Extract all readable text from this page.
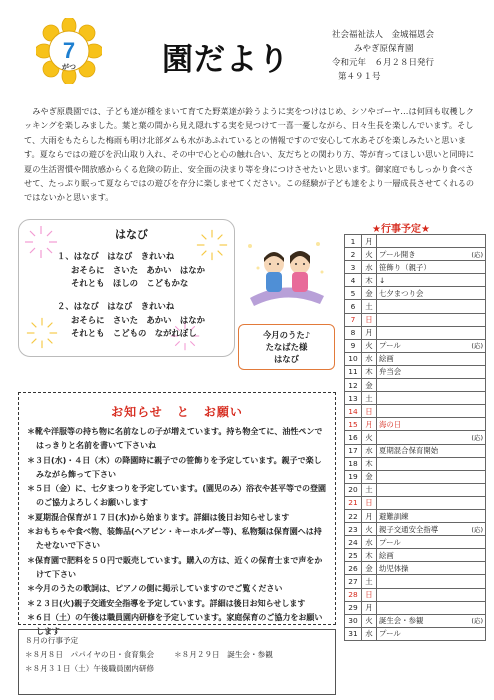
7
がつ	園だより
社会福祉法人　金城福恩会
みやぎ原保育園
令和元年　６月２８日発行
第４９１号

みやぎ原農園では、子ども達が種をまいて育てた野菜達が鈴うように実をつけはじめ、シソやゴーヤ…は何回も収穫しクッキングを楽しみました。葉と葉の間から見え隠れする実を見つけて一喜一憂しながら、日々生長を楽しんでいます。そして、大雨をもたらした梅雨も明け北部ダムも水があふれているとの情報ですので安心して水あそびを楽しみたいと思います。夏ならではの遊びを沢山取り入れ、その中で心と心の触れ合い、友だちとの関わり方、等が育ってほしい思いと同時に夏の生活習慣や開放感からくる危険の防止、安全面の決まり等を身につけさせたいと思います。御家庭でもしっかり食べさせて、たっぷり眠って夏ならではの遊びを存分に楽しませてください。この経験が子ども達をより一層成長させてくれるのではないかと思います。

はなび
１、はなび　はなび　きれいね
おそらに　さいた　あかい　はなか
それとも　ほしの　こどもかな
２、はなび　はなび　きれいね
おそらに　さいた　あかい　はなか
それとも　こどもの　ながれぼし	今月のうた♪
たなばた様
はなび
お知らせ と お願い
＊靴や洋服等の持ち物に名前なしの子が増えています。持ち物全てに、油性ペンではっきりと名前を書いて下さいね
＊３日(水)・４日（木）の降園時に親子での笹飾りを予定しています。親子で楽しみながら飾って下さい
＊５日（金）に、七夕まつりを予定しています。(園児のみ）浴衣や甚平等での登園のご協力よろしくお願いします
＊夏期混合保育が１７日(水)から始まります。詳細は後日お知らせします
＊おもちゃや食べ物、装飾品(ヘアピン・キーホルダー等)、私物類は保育園へは持たせないで下さい
＊保育園で肥料を５０円で販売しています。購入の方は、近くの保育士まで声をかけて下さい
＊今月のうたの歌詞は、ピアノの側に掲示していますのでご覧ください
＊２３日(火)親子交通安全指導を予定しています。詳細は後日お知らせします
＊６日（土）の午後は職員園内研修を予定しています。家庭保育のご協力をお願いします
８月の行事予定
＊８月８日　パパイヤの日・食育集会	＊８月２９日　誕生会・参観
＊８月３１日（土）午後職員園内研修
★行事予定★
1	月	

2	火	プール開き (応)

3	水	笹飾り（親子）

4	木	↓

5	金	七夕まつり会

6	土	

7	日	

8	月	

9	火	プール (応)

10	水	絵画

11	木	弁当会

12	金	

13	土	

14	日	

15	月	海の日

16	火	(応)

17	水	夏期混合保育開始

18	木	

19	金	

20	土	

21	日	

22	月	避難訓練

23	火	親子交通安全指導 (応)

24	水	プール

25	木	絵画

26	金	幼児体操

27	土	

28	日	

29	月	

30	火	誕生会・参観 (応)

31	水	プール
